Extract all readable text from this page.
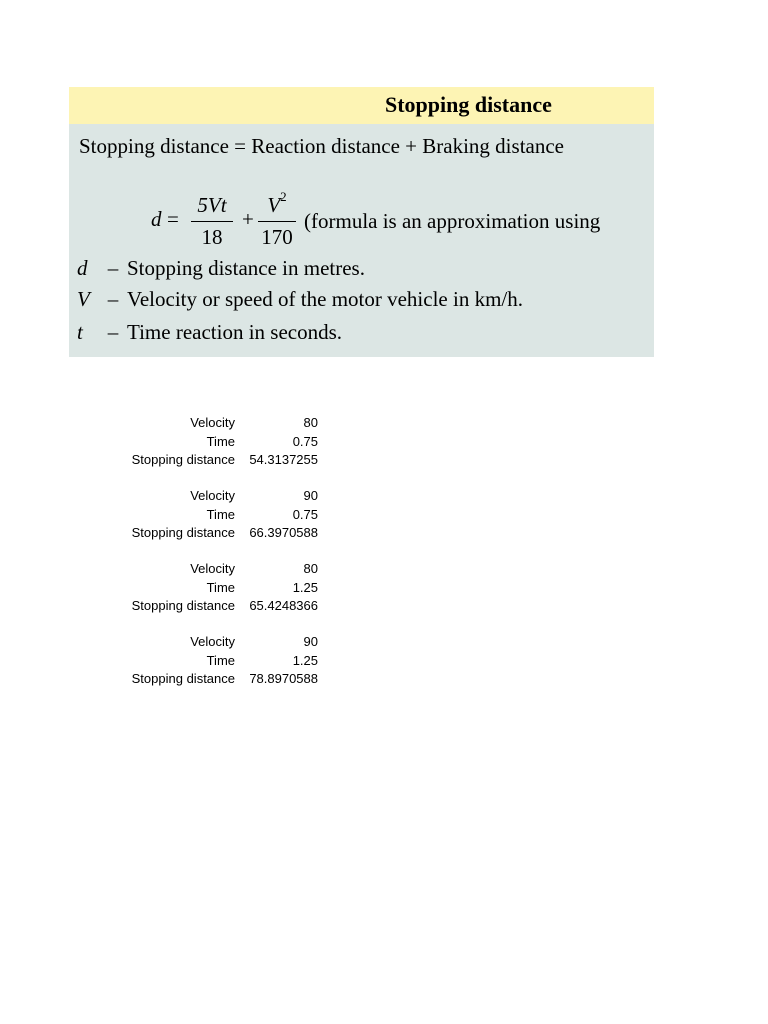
Stopping distance
Stopping distance = Reaction distance + Braking distance
d =
5Vt
18
+
$V^2$
170
(formula is an approximation using
d – Stopping distance in metres.
V – Velocity or speed of the motor vehicle in km/h.
t – Time reaction in seconds.
Velocity	80
Time	0.75
Stopping distance	54.3137255
Velocity	90
Time	0.75
Stopping distance	66.3970588
Velocity	80
Time	1.25
Stopping distance	65.4248366
Velocity	90
Time	1.25
Stopping distance	78.8970588
